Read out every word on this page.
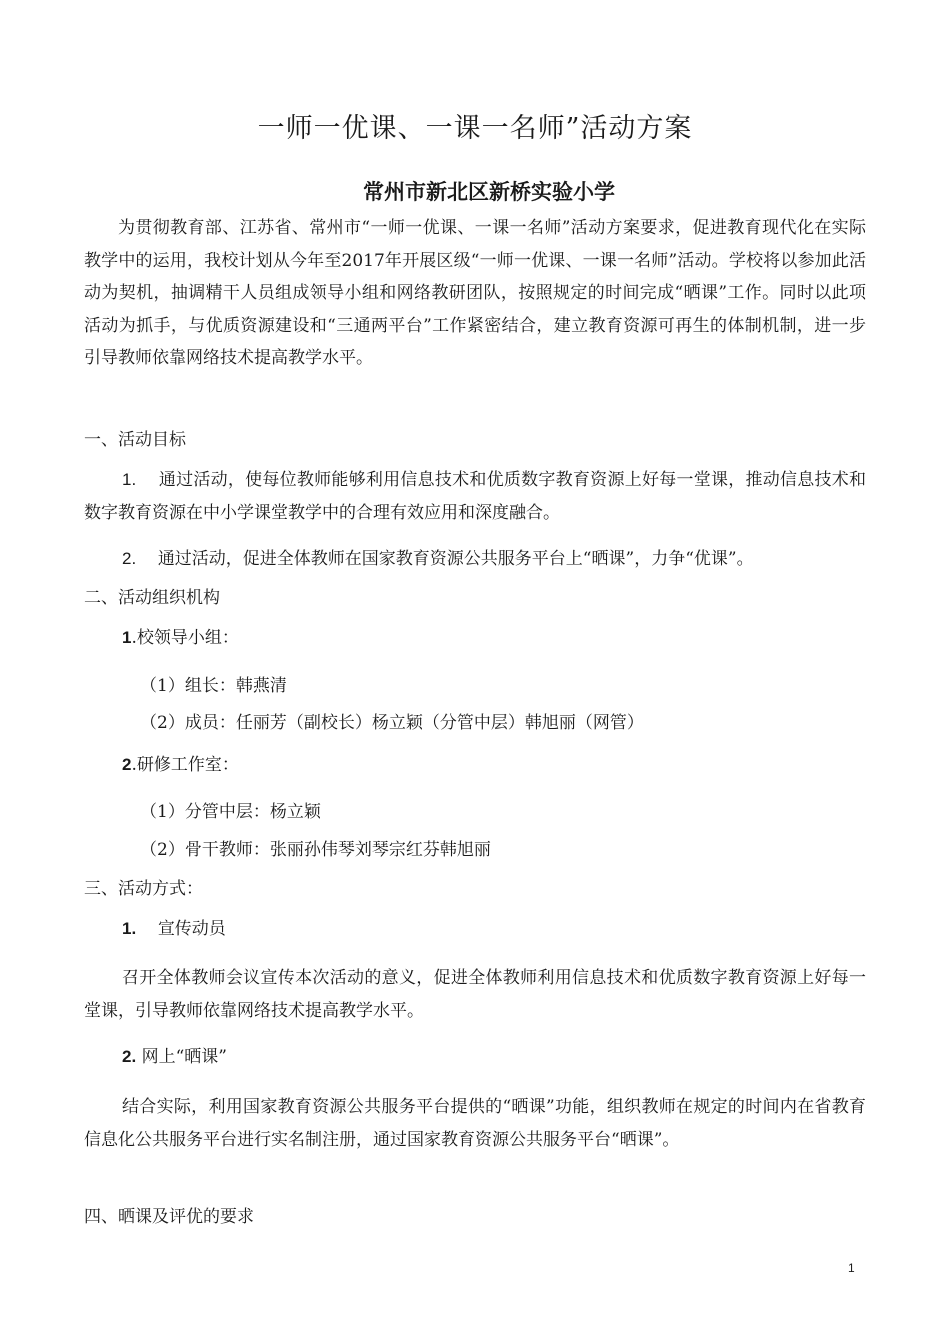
一师一优课、一课一名师”活动方案
常州市新北区新桥实验小学
为贯彻教育部、江苏省、常州市“一师一优课、一课一名师”活动方案要求，促进教育现代化在实际教学中的运用，我校计划从今年至2017年开展区级“一师一优课、一课一名师”活动。学校将以参加此活动为契机，抽调精干人员组成领导小组和网络教研团队，按照规定的时间完成“晒课”工作。同时以此项活动为抓手，与优质资源建设和“三通两平台”工作紧密结合，建立教育资源可再生的体制机制，进一步引导教师依靠网络技术提高教学水平。
一、活动目标
1. 通过活动，使每位教师能够利用信息技术和优质数字教育资源上好每一堂课，推动信息技术和数字教育资源在中小学课堂教学中的合理有效应用和深度融合。
2. 通过活动，促进全体教师在国家教育资源公共服务平台上“晒课”，力争“优课”。
二、活动组织机构
1.校领导小组：
（1）组长：韩燕清
（2）成员：任丽芳（副校长）杨立颖（分管中层）韩旭丽（网管）
2.研修工作室：
（1）分管中层：杨立颖
（2）骨干教师：张丽孙伟琴刘琴宗红芬韩旭丽
三、活动方式：
1. 宣传动员
召开全体教师会议宣传本次活动的意义，促进全体教师利用信息技术和优质数字教育资源上好每一堂课，引导教师依靠网络技术提高教学水平。
2. 网上“晒课”
结合实际，利用国家教育资源公共服务平台提供的“晒课”功能，组织教师在规定的时间内在省教育信息化公共服务平台进行实名制注册，通过国家教育资源公共服务平台“晒课”。
四、晒课及评优的要求
1
